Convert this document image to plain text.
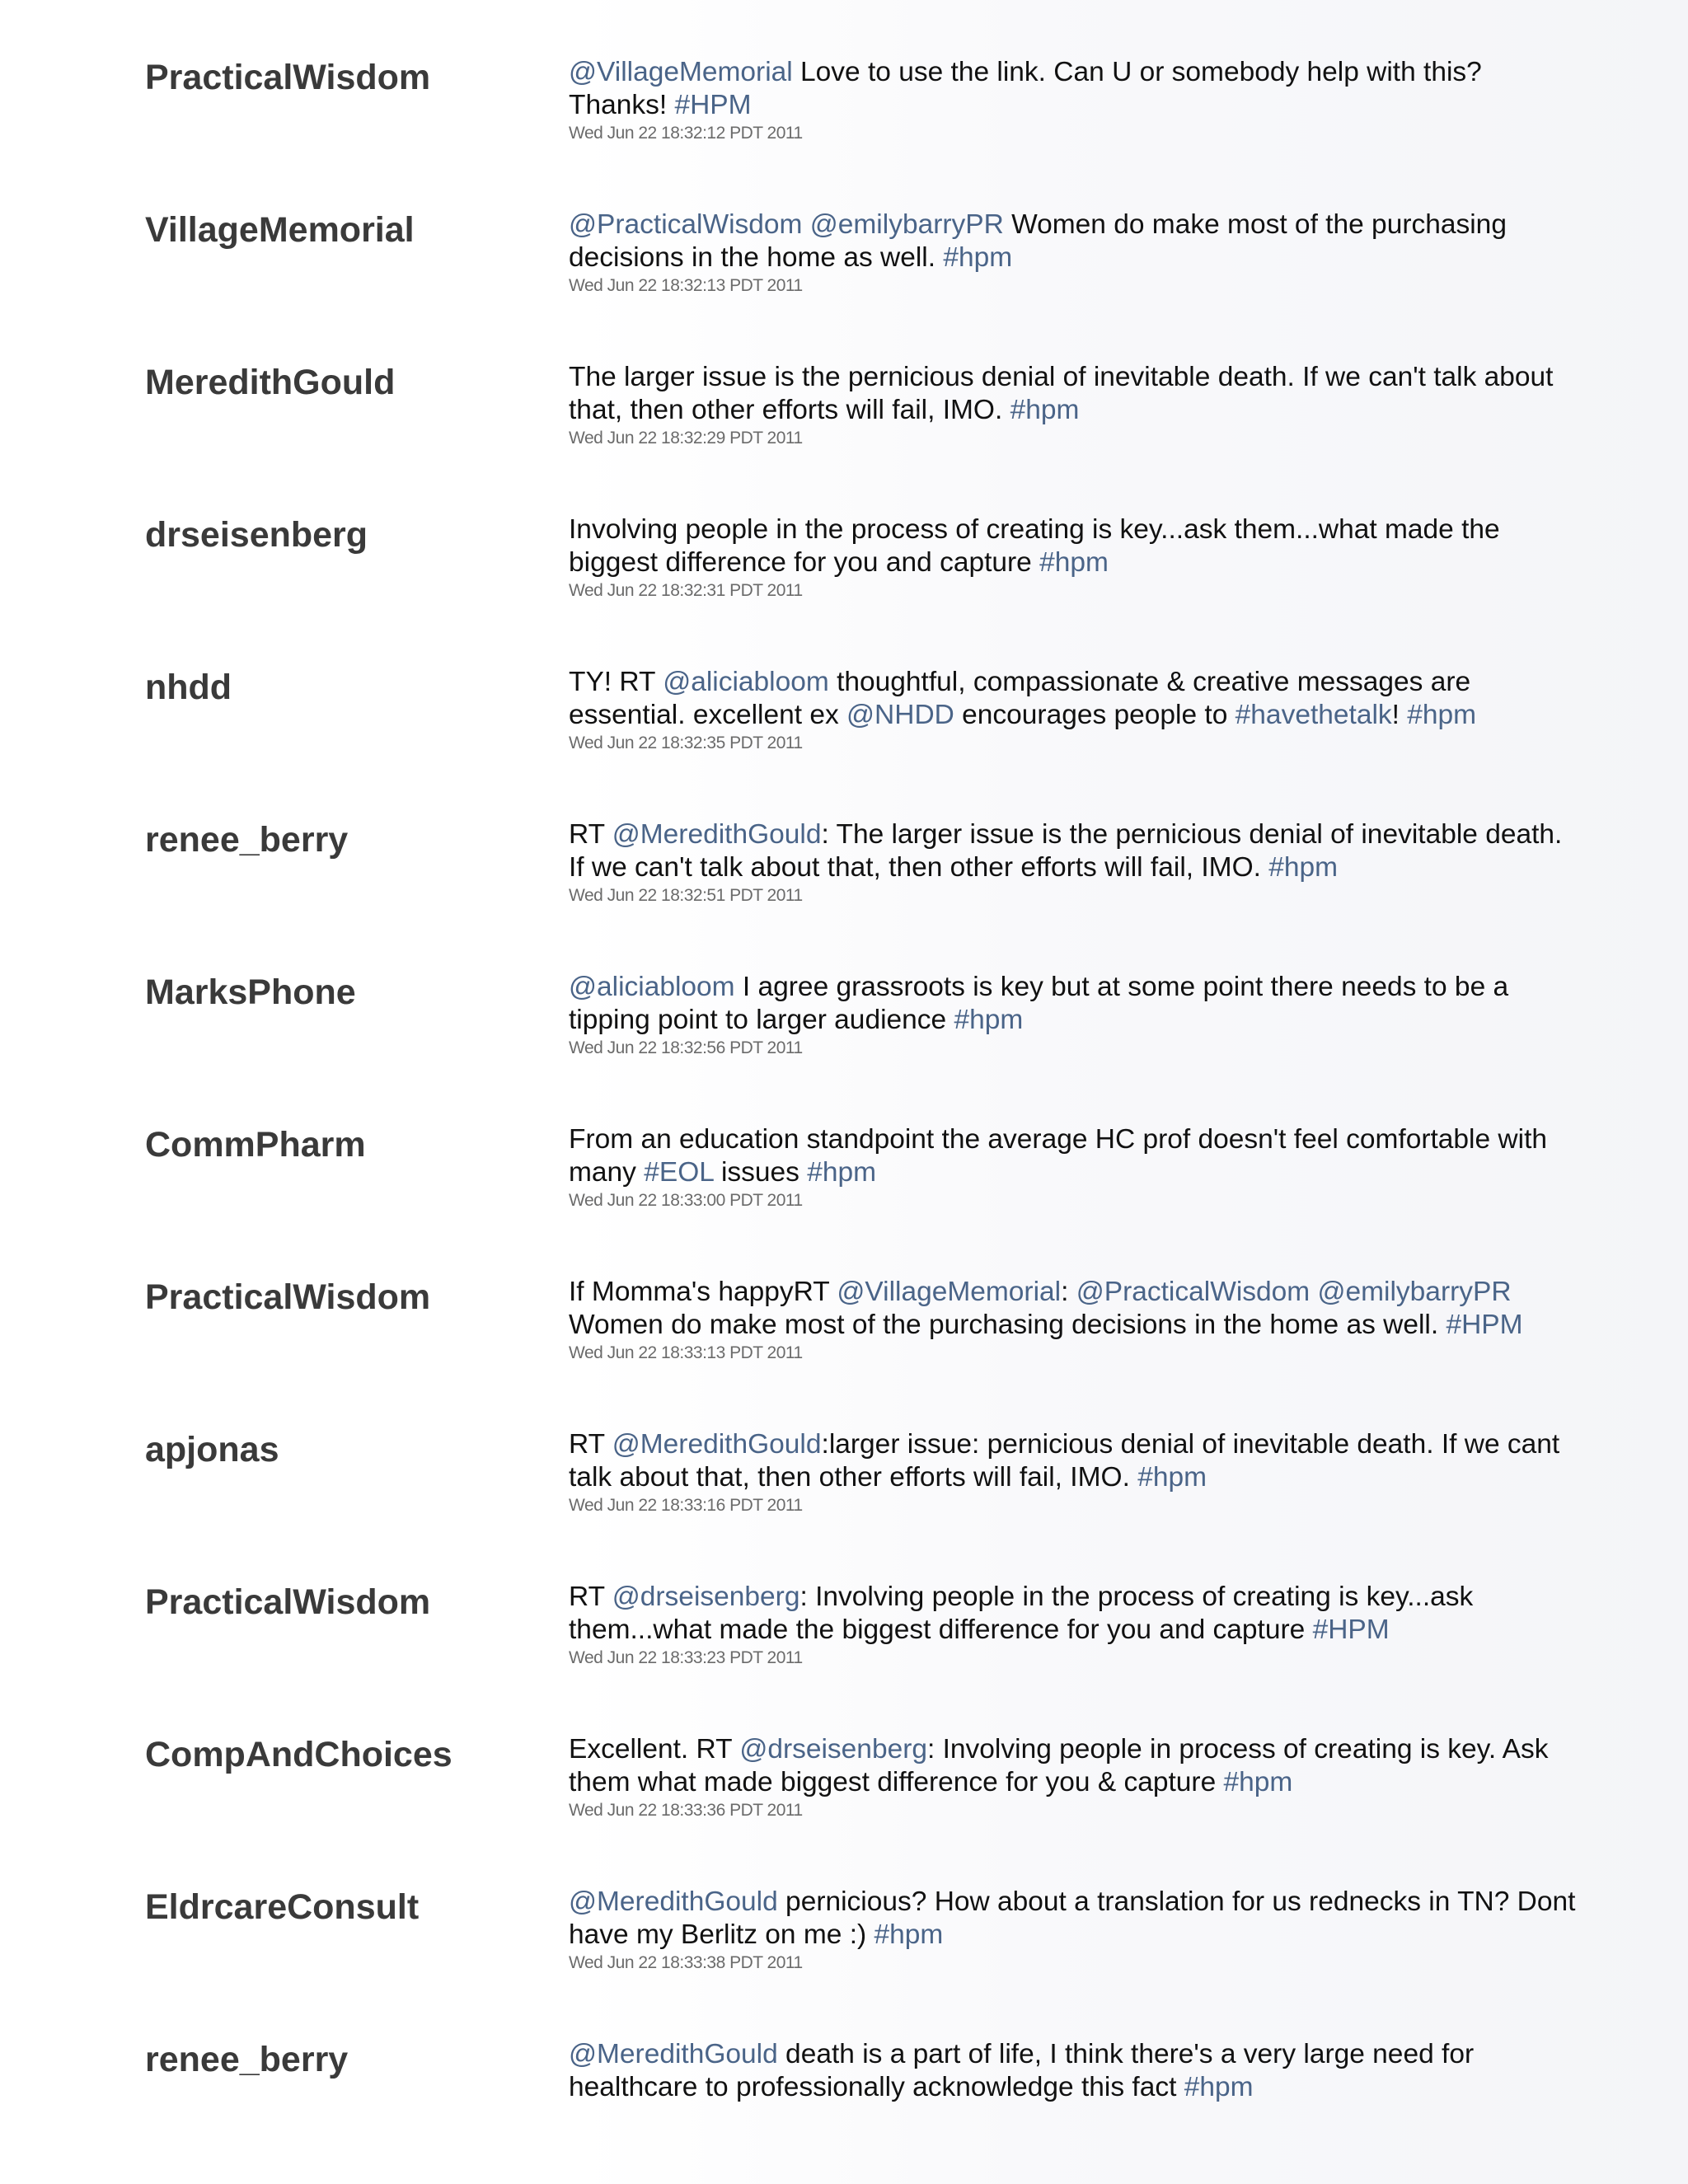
PracticalWisdom	@VillageMemorial Love to use the link. Can U or somebody help with this? Thanks! #HPM
Wed Jun 22 18:32:12 PDT 2011
VillageMemorial	@PracticalWisdom @emilybarryPR Women do make most of the purchasing decisions in the home as well. #hpm
Wed Jun 22 18:32:13 PDT 2011
MeredithGould	The larger issue is the pernicious denial of inevitable death. If we can't talk about that, then other efforts will fail, IMO. #hpm
Wed Jun 22 18:32:29 PDT 2011
drseisenberg	Involving people in the process of creating is key...ask them...what made the biggest difference for you and capture #hpm
Wed Jun 22 18:32:31 PDT 2011
nhdd	TY! RT @aliciabloom thoughtful, compassionate & creative messages are essential. excellent ex @NHDD encourages people to #havethetalk! #hpm
Wed Jun 22 18:32:35 PDT 2011
renee_berry	RT @MeredithGould: The larger issue is the pernicious denial of inevitable death. If we can't talk about that, then other efforts will fail, IMO. #hpm
Wed Jun 22 18:32:51 PDT 2011
MarksPhone	@aliciabloom I agree grassroots is key but at some point there needs to be a tipping point to larger audience #hpm
Wed Jun 22 18:32:56 PDT 2011
CommPharm	From an education standpoint the average HC prof doesn't feel comfortable with many #EOL issues #hpm
Wed Jun 22 18:33:00 PDT 2011
PracticalWisdom	If Momma's happyRT @VillageMemorial: @PracticalWisdom @emilybarryPR Women do make most of the purchasing decisions in the home as well. #HPM
Wed Jun 22 18:33:13 PDT 2011
apjonas	RT @MeredithGould:larger issue: pernicious denial of inevitable death. If we cant talk about that, then other efforts will fail, IMO. #hpm
Wed Jun 22 18:33:16 PDT 2011
PracticalWisdom	RT @drseisenberg: Involving people in the process of creating is key...ask them...what made the biggest difference for you and capture #HPM
Wed Jun 22 18:33:23 PDT 2011
CompAndChoices	Excellent. RT @drseisenberg: Involving people in process of creating is key. Ask them what made biggest difference for you & capture #hpm
Wed Jun 22 18:33:36 PDT 2011
EldrcareConsult	@MeredithGould pernicious? How about a translation for us rednecks in TN? Dont have my Berlitz on me :) #hpm
Wed Jun 22 18:33:38 PDT 2011
renee_berry	@MeredithGould death is a part of life, I think there's a very large need for healthcare to professionally acknowledge this fact #hpm
